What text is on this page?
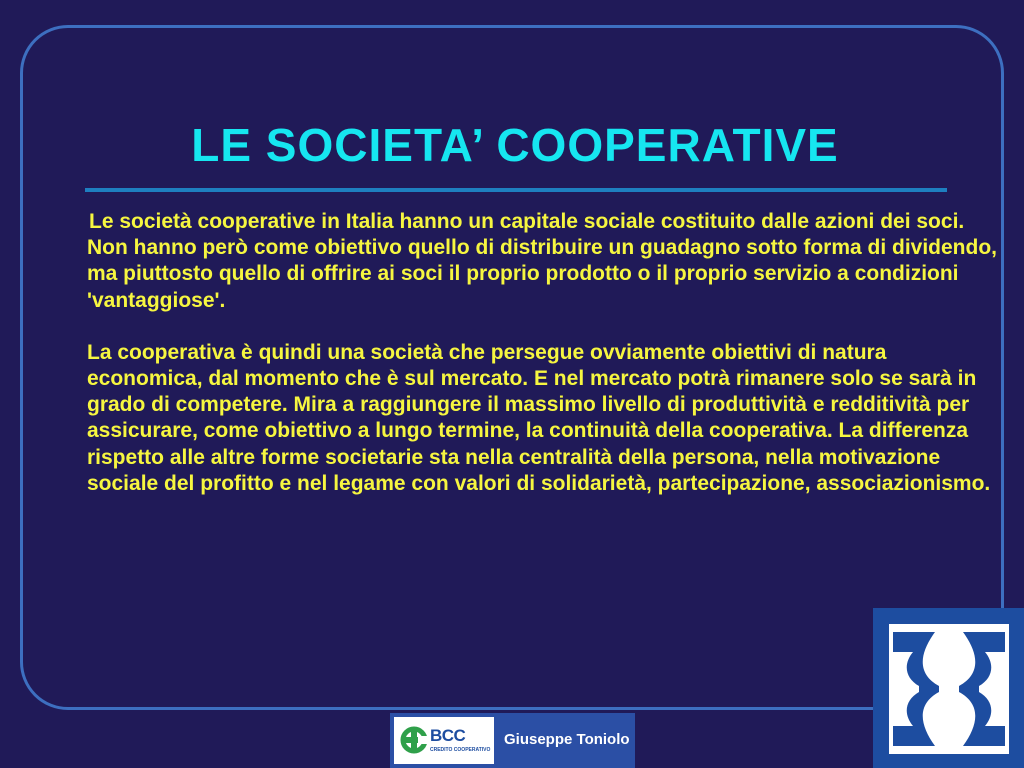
LE SOCIETA’ COOPERATIVE

Le società cooperative in Italia hanno un capitale sociale costituito dalle azioni dei soci. Non hanno però come obiettivo quello di distribuire un guadagno sotto forma di dividendo, ma piuttosto quello di offrire ai soci il proprio prodotto o il proprio servizio a condizioni 'vantaggiose'.

La cooperativa è quindi una società che persegue ovviamente obiettivi di natura economica, dal momento che è sul mercato. E nel mercato potrà rimanere solo se sarà in grado di competere. Mira a raggiungere il massimo livello di produttività e redditività per assicurare, come obiettivo a lungo termine, la continuità della cooperativa. La differenza rispetto alle altre forme societarie sta nella centralità della persona, nella motivazione sociale del profitto e nel legame con valori di solidarietà, partecipazione, associazionismo.

BCC
CREDITO COOPERATIVO
Giuseppe Toniolo
